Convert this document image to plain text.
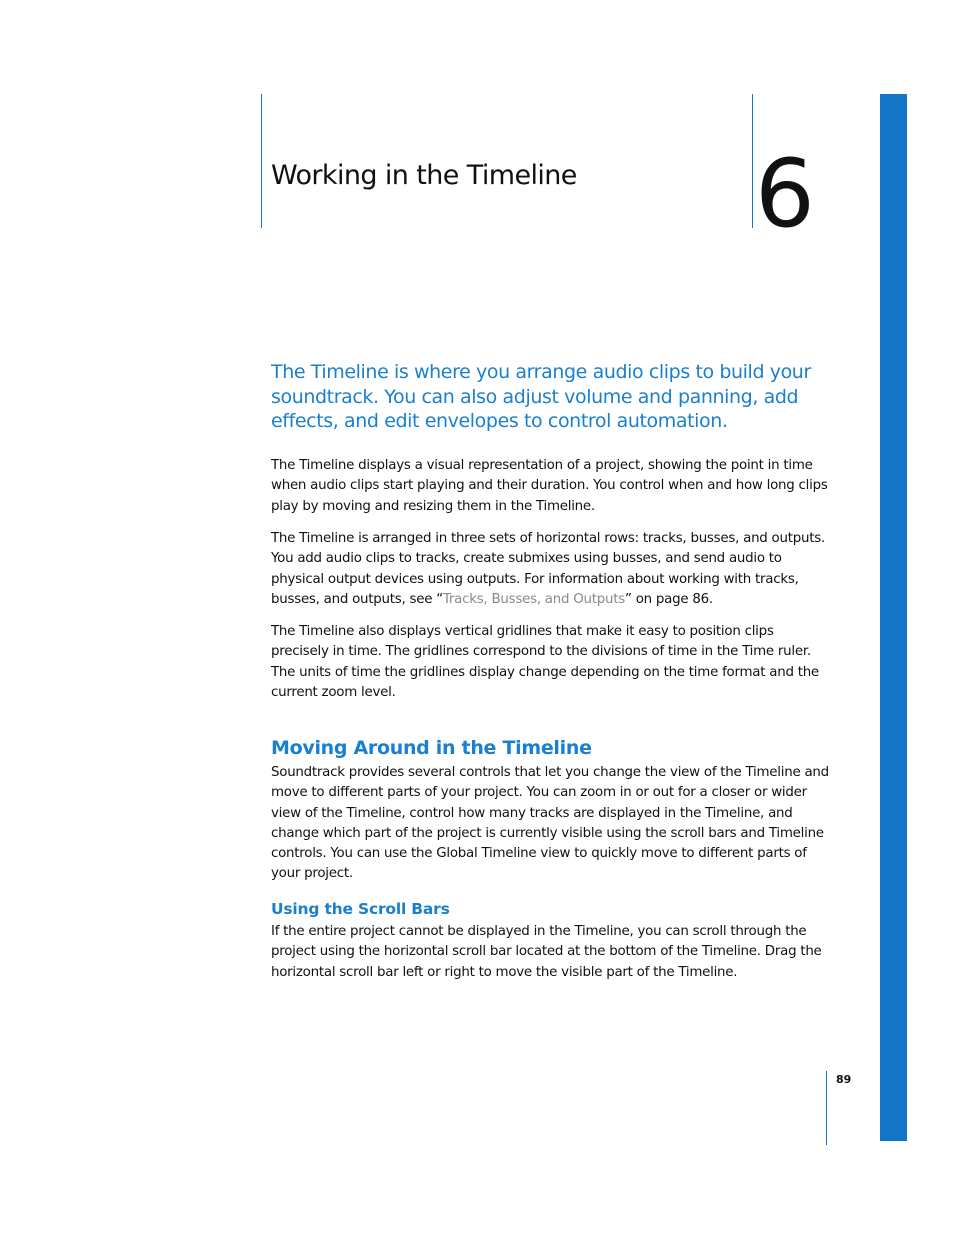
Working in the Timeline 6

The Timeline is where you arrange audio clips to build your soundtrack. You can also adjust volume and panning, add effects, and edit envelopes to control automation.

The Timeline displays a visual representation of a project, showing the point in time when audio clips start playing and their duration. You control when and how long clips play by moving and resizing them in the Timeline.

The Timeline is arranged in three sets of horizontal rows: tracks, busses, and outputs. You add audio clips to tracks, create submixes using busses, and send audio to physical output devices using outputs. For information about working with tracks, busses, and outputs, see “Tracks, Busses, and Outputs” on page 86.

The Timeline also displays vertical gridlines that make it easy to position clips precisely in time. The gridlines correspond to the divisions of time in the Time ruler. The units of time the gridlines display change depending on the time format and the current zoom level.

Moving Around in the Timeline

Soundtrack provides several controls that let you change the view of the Timeline and move to different parts of your project. You can zoom in or out for a closer or wider view of the Timeline, control how many tracks are displayed in the Timeline, and change which part of the project is currently visible using the scroll bars and Timeline controls. You can use the Global Timeline view to quickly move to different parts of your project.

Using the Scroll Bars

If the entire project cannot be displayed in the Timeline, you can scroll through the project using the horizontal scroll bar located at the bottom of the Timeline. Drag the horizontal scroll bar left or right to move the visible part of the Timeline.

89
